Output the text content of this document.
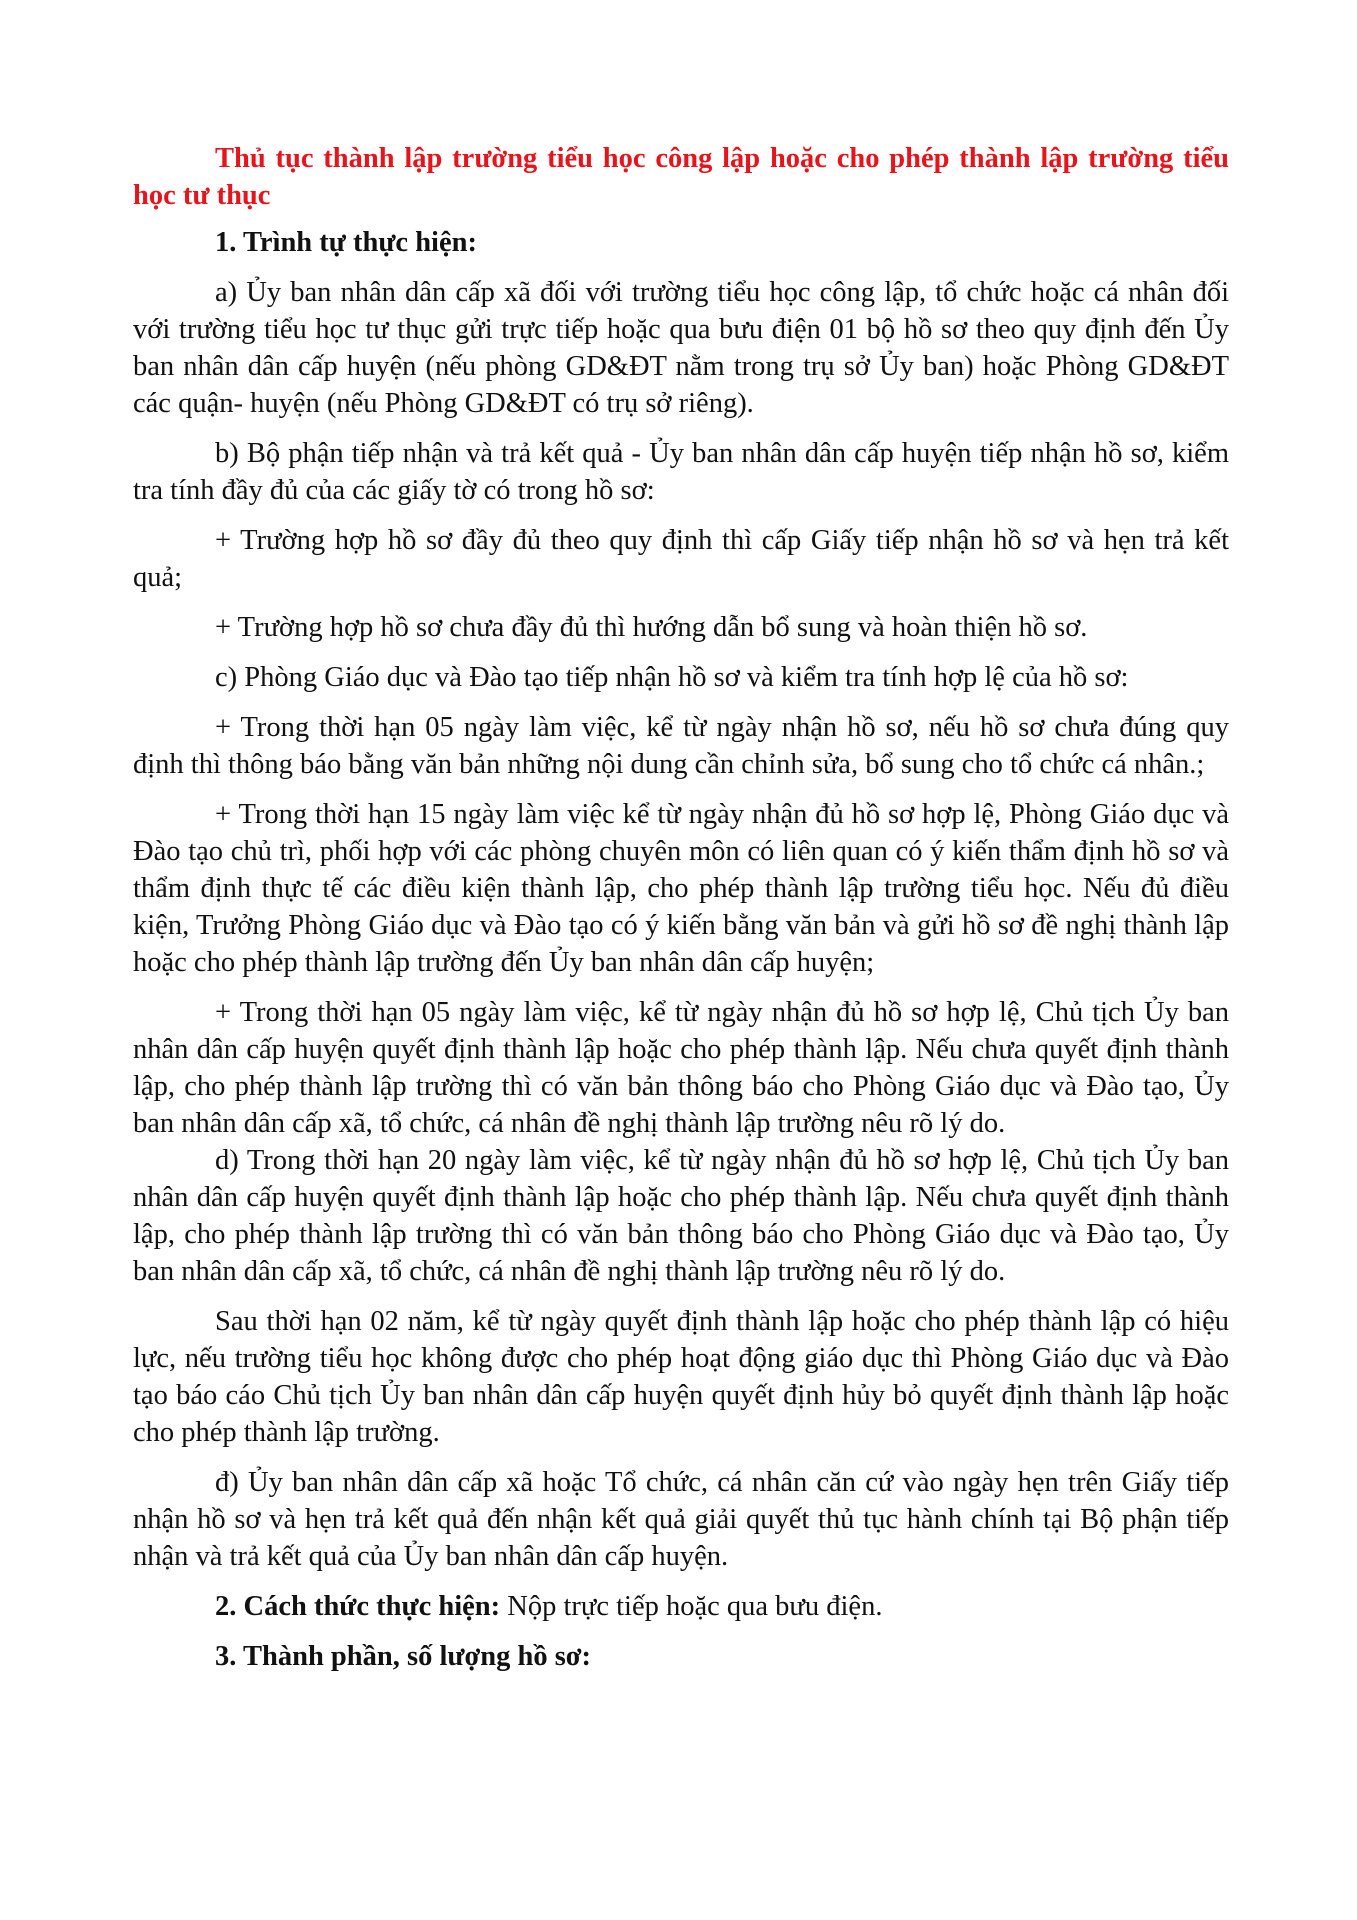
Thủ tục thành lập trường tiểu học công lập hoặc cho phép thành lập trường tiểu học tư thục

1. Trình tự thực hiện:

a) Ủy ban nhân dân cấp xã đối với trường tiểu học công lập, tổ chức hoặc cá nhân đối với trường tiểu học tư thục gửi trực tiếp hoặc qua bưu điện 01 bộ hồ sơ theo quy định đến Ủy ban nhân dân cấp huyện (nếu phòng GD&ĐT nằm trong trụ sở Ủy ban) hoặc Phòng GD&ĐT các quận- huyện (nếu Phòng GD&ĐT có trụ sở riêng).

b) Bộ phận tiếp nhận và trả kết quả - Ủy ban nhân dân cấp huyện tiếp nhận hồ sơ, kiểm tra tính đầy đủ của các giấy tờ có trong hồ sơ:

+ Trường hợp hồ sơ đầy đủ theo quy định thì cấp Giấy tiếp nhận hồ sơ và hẹn trả kết quả;

+ Trường hợp hồ sơ chưa đầy đủ thì hướng dẫn bổ sung và hoàn thiện hồ sơ.

c) Phòng Giáo dục và Đào tạo tiếp nhận hồ sơ và kiểm tra tính hợp lệ của hồ sơ:

+ Trong thời hạn 05 ngày làm việc, kể từ ngày nhận hồ sơ, nếu hồ sơ chưa đúng quy định thì thông báo bằng văn bản những nội dung cần chỉnh sửa, bổ sung cho tổ chức cá nhân.;

+ Trong thời hạn 15 ngày làm việc kể từ ngày nhận đủ hồ sơ hợp lệ, Phòng Giáo dục và Đào tạo chủ trì, phối hợp với các phòng chuyên môn có liên quan có ý kiến thẩm định hồ sơ và thẩm định thực tế các điều kiện thành lập, cho phép thành lập trường tiểu học. Nếu đủ điều kiện, Trưởng Phòng Giáo dục và Đào tạo có ý kiến bằng văn bản và gửi hồ sơ đề nghị thành lập hoặc cho phép thành lập trường đến Ủy ban nhân dân cấp huyện;

+ Trong thời hạn 05 ngày làm việc, kể từ ngày nhận đủ hồ sơ hợp lệ, Chủ tịch Ủy ban nhân dân cấp huyện quyết định thành lập hoặc cho phép thành lập. Nếu chưa quyết định thành lập, cho phép thành lập trường thì có văn bản thông báo cho Phòng Giáo dục và Đào tạo, Ủy ban nhân dân cấp xã, tổ chức, cá nhân đề nghị thành lập trường nêu rõ lý do.

d) Trong thời hạn 20 ngày làm việc, kể từ ngày nhận đủ hồ sơ hợp lệ, Chủ tịch Ủy ban nhân dân cấp huyện quyết định thành lập hoặc cho phép thành lập. Nếu chưa quyết định thành lập, cho phép thành lập trường thì có văn bản thông báo cho Phòng Giáo dục và Đào tạo, Ủy ban nhân dân cấp xã, tổ chức, cá nhân đề nghị thành lập trường nêu rõ lý do.

Sau thời hạn 02 năm, kể từ ngày quyết định thành lập hoặc cho phép thành lập có hiệu lực, nếu trường tiểu học không được cho phép hoạt động giáo dục thì Phòng Giáo dục và Đào tạo báo cáo Chủ tịch Ủy ban nhân dân cấp huyện quyết định hủy bỏ quyết định thành lập hoặc cho phép thành lập trường.

đ) Ủy ban nhân dân cấp xã hoặc Tổ chức, cá nhân căn cứ vào ngày hẹn trên Giấy tiếp nhận hồ sơ và hẹn trả kết quả đến nhận kết quả giải quyết thủ tục hành chính tại Bộ phận tiếp nhận và trả kết quả của Ủy ban nhân dân cấp huyện.

2. Cách thức thực hiện: Nộp trực tiếp hoặc qua bưu điện.

3. Thành phần, số lượng hồ sơ:
